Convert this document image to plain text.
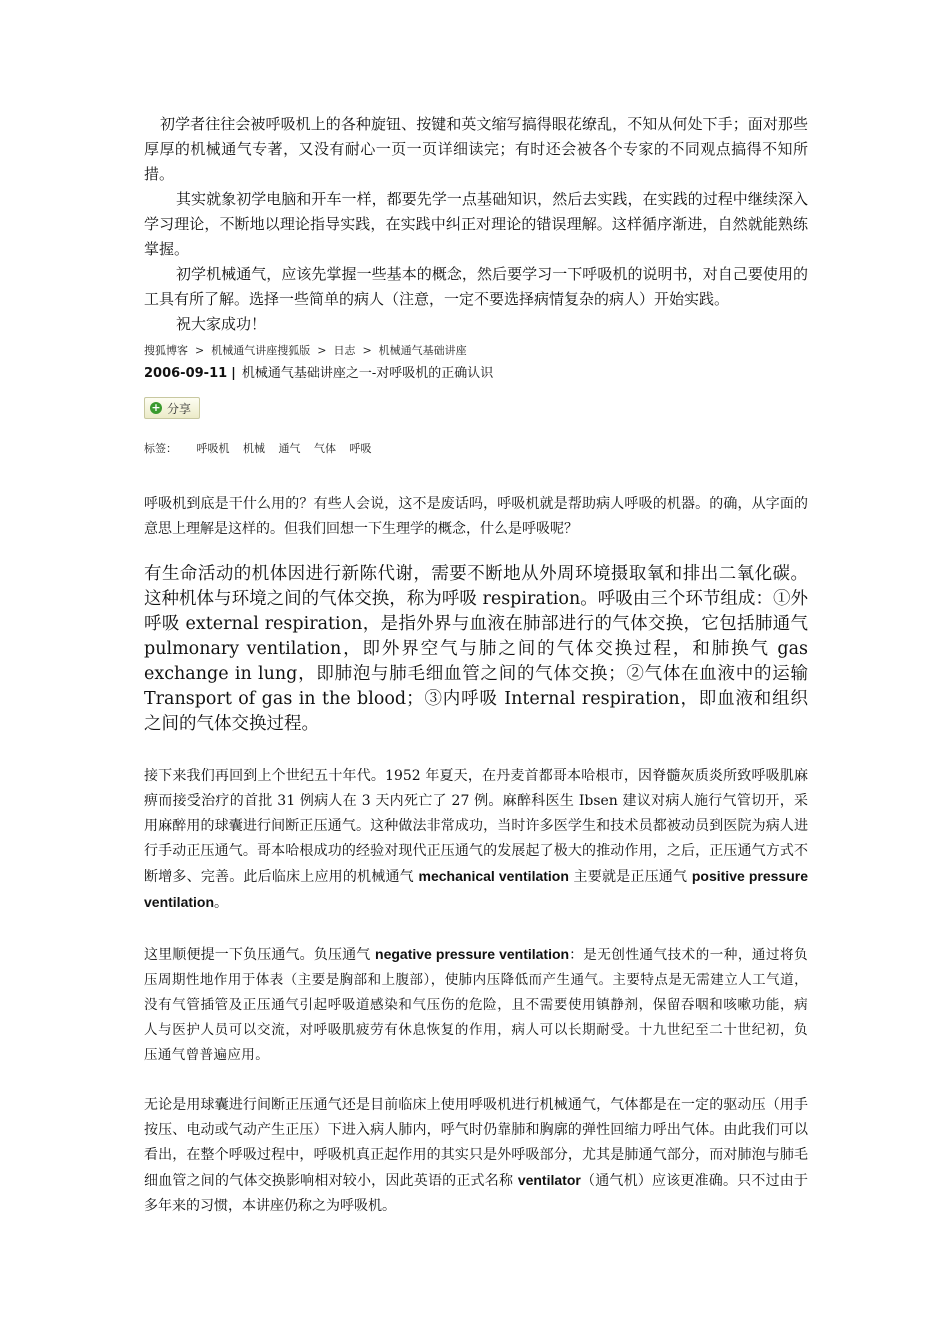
初学者往往会被呼吸机上的各种旋钮、按键和英文缩写搞得眼花缭乱，不知从何处下手；面对那些厚厚的机械通气专著，又没有耐心一页一页详细读完；有时还会被各个专家的不同观点搞得不知所措。

其实就象初学电脑和开车一样，都要先学一点基础知识，然后去实践，在实践的过程中继续深入学习理论，不断地以理论指导实践，在实践中纠正对理论的错误理解。这样循序渐进，自然就能熟练掌握。

初学机械通气，应该先掌握一些基本的概念，然后要学习一下呼吸机的说明书，对自己要使用的工具有所了解。选择一些简单的病人（注意，一定不要选择病情复杂的病人）开始实践。

祝大家成功！

搜狐博客 > 机械通气讲座搜狐版 > 日志 > 机械通气基础讲座
2006-09-11 | 机械通气基础讲座之一-对呼吸机的正确认识
+ 分享
标签： 呼吸机 机械 通气 气体 呼吸

呼吸机到底是干什么用的？有些人会说，这不是废话吗，呼吸机就是帮助病人呼吸的机器。的确，从字面的意思上理解是这样的。但我们回想一下生理学的概念，什么是呼吸呢？

有生命活动的机体因进行新陈代谢，需要不断地从外周环境摄取氧和排出二氧化碳。这种机体与环境之间的气体交换，称为呼吸 respiration。呼吸由三个环节组成：①外呼吸 external respiration，是指外界与血液在肺部进行的气体交换，它包括肺通气 pulmonary ventilation，即外界空气与肺之间的气体交换过程，和肺换气 gas exchange in lung，即肺泡与肺毛细血管之间的气体交换；②气体在血液中的运输 Transport of gas in the blood；③内呼吸 Internal respiration，即血液和组织之间的气体交换过程。

接下来我们再回到上个世纪五十年代。1952 年夏天，在丹麦首都哥本哈根市，因脊髓灰质炎所致呼吸肌麻痹而接受治疗的首批 31 例病人在 3 天内死亡了 27 例。麻醉科医生 Ibsen 建议对病人施行气管切开，采用麻醉用的球囊进行间断正压通气。这种做法非常成功，当时许多医学生和技术员都被动员到医院为病人进行手动正压通气。哥本哈根成功的经验对现代正压通气的发展起了极大的推动作用，之后，正压通气方式不断增多、完善。此后临床上应用的机械通气 mechanical ventilation 主要就是正压通气 positive pressure ventilation。

这里顺便提一下负压通气。负压通气 negative pressure ventilation：是无创性通气技术的一种，通过将负压周期性地作用于体表（主要是胸部和上腹部），使肺内压降低而产生通气。主要特点是无需建立人工气道，没有气管插管及正压通气引起呼吸道感染和气压伤的危险，且不需要使用镇静剂，保留吞咽和咳嗽功能，病人与医护人员可以交流，对呼吸肌疲劳有休息恢复的作用，病人可以长期耐受。十九世纪至二十世纪初，负压通气曾普遍应用。

无论是用球囊进行间断正压通气还是目前临床上使用呼吸机进行机械通气，气体都是在一定的驱动压（用手按压、电动或气动产生正压）下进入病人肺内，呼气时仍靠肺和胸廓的弹性回缩力呼出气体。由此我们可以看出，在整个呼吸过程中，呼吸机真正起作用的其实只是外呼吸部分，尤其是肺通气部分，而对肺泡与肺毛细血管之间的气体交换影响相对较小，因此英语的正式名称 ventilator（通气机）应该更准确。只不过由于多年来的习惯，本讲座仍称之为呼吸机。
